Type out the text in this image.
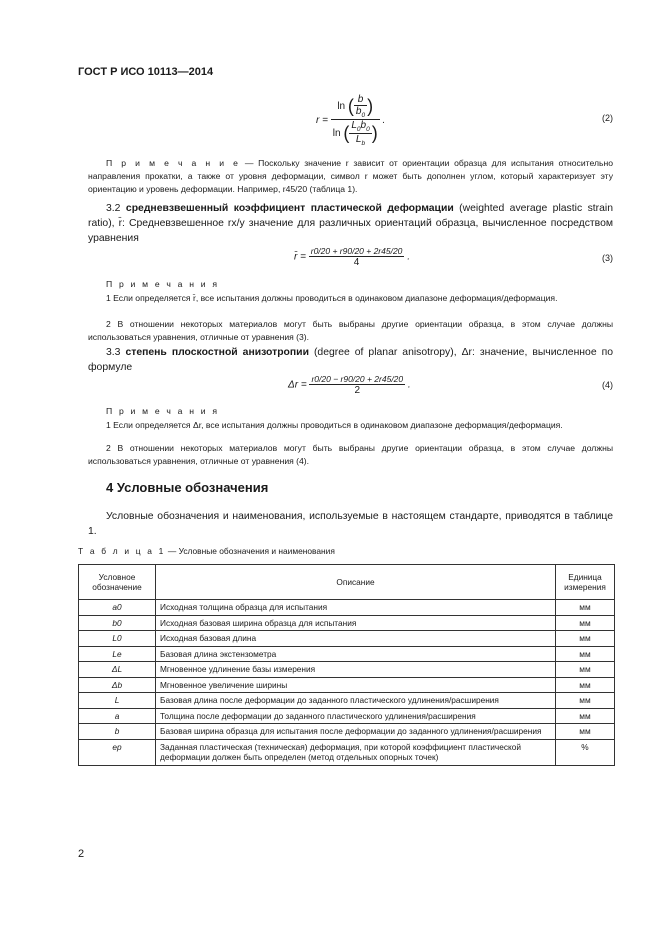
ГОСТ Р ИСО 10113—2014
$r = \frac{\ln ( \frac{b}{b_0} )}{\ln ( \frac{L_0b_0}{L_b} )}$ .	(2)
П р и м е ч а н и е — Поскольку значение r зависит от ориентации образца для испытания относительно направления прокатки, а также от уровня деформации, символ r может быть дополнен углом, который характеризует эту ориентацию и уровень деформации. Например, r45/20 (таблица 1).
3.2 средневзвешенный коэффициент пластической деформации (weighted average plastic strain ratio), r̄: Средневзвешенное rx/y значение для различных ориентаций образца, вычисленное посредством уравнения
r̄ = $\frac{r0/20 + r90/20 + 2r45/20}{4}$ .	(3)
П р и м е ч а н и я
1 Если определяется r̄, все испытания должны проводиться в одинаковом диапазоне деформация/деформация.
2 В отношении некоторых материалов могут быть выбраны другие ориентации образца, в этом случае должны использоваться уравнения, отличные от уравнения (3).
3.3 степень плоскостной анизотропии (degree of planar anisotropy), Δr: значение, вычисленное по формуле
$\Delta r = \frac{r0/20 - r90/20 + 2r45/20}{2}$ .	(4)
П р и м е ч а н и я
1 Если определяется Δr, все испытания должны проводиться в одинаковом диапазоне деформация/деформация.
2 В отношении некоторых материалов могут быть выбраны другие ориентации образца, в этом случае должны использоваться уравнения, отличные от уравнения (4).
4 Условные обозначения
Условные обозначения и наименования, используемые в настоящем стандарте, приводятся в таблице 1.
Т а б л и ц а 1 — Условные обозначения и наименования
Условное обозначение	Описание	Единица измерения
a0	Исходная толщина образца для испытания	мм
b0	Исходная базовая ширина образца для испытания	мм
L0	Исходная базовая длина	мм
Le	Базовая длина экстензометра	мм
ΔL	Мгновенное удлинение базы измерения	мм
Δb	Мгновенное увеличение ширины	мм
L	Базовая длина после деформации до заданного пластического удлинения/расширения	мм
a	Толщина после деформации до заданного пластического удлинения/расширения	мм
b	Базовая ширина образца для испытания после деформации до заданного удлинения/расширения	мм
ep	Заданная пластическая (техническая) деформация, при которой коэффициент пластической деформации должен быть определен (метод отдельных опорных точек)	%
2
